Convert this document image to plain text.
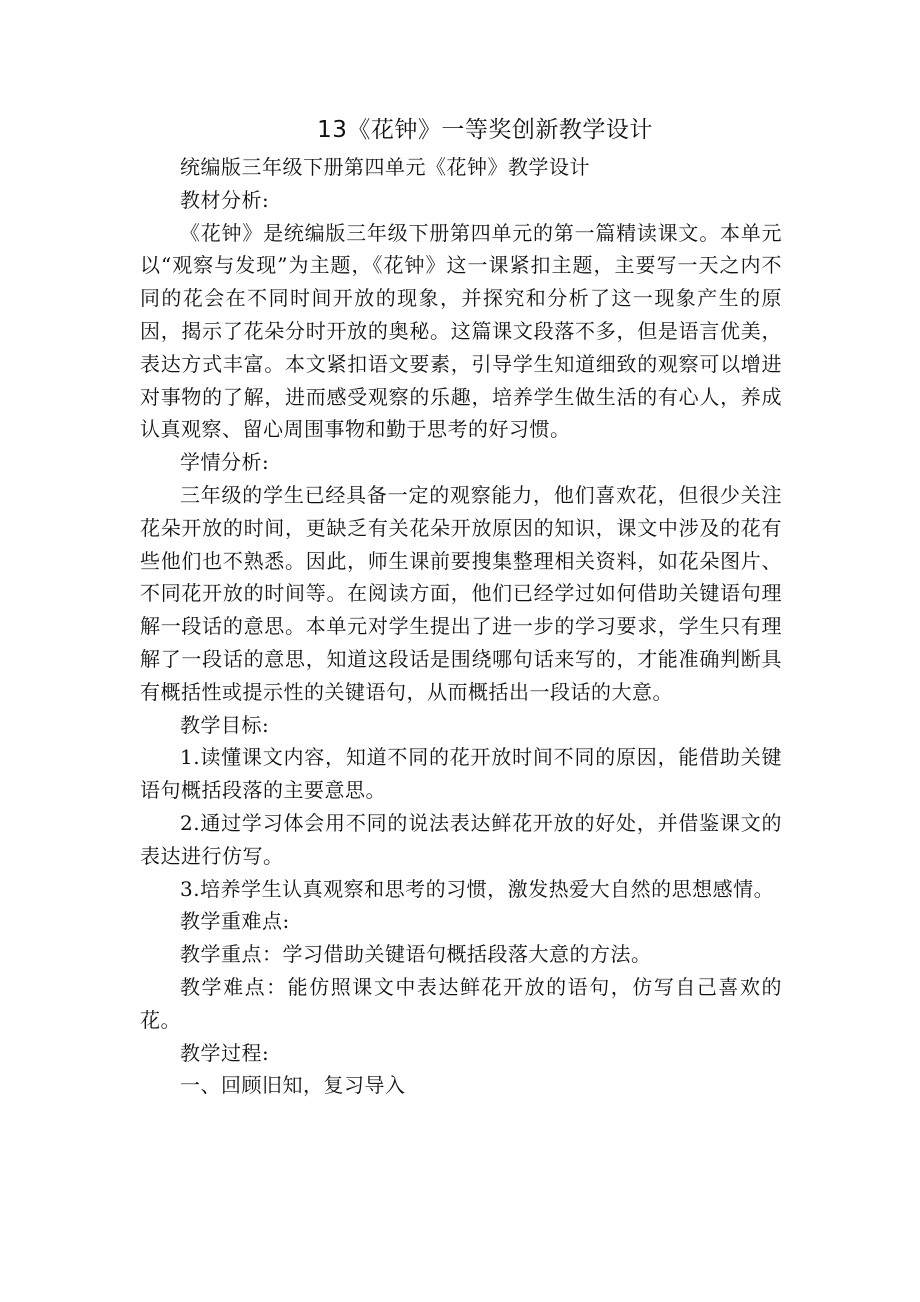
13《花钟》一等奖创新教学设计

统编版三年级下册第四单元《花钟》教学设计

教材分析:

《花钟》是统编版三年级下册第四单元的第一篇精读课文。本单元以“观察与发现”为主题，《花钟》这一课紧扣主题，主要写一天之内不同的花会在不同时间开放的现象，并探究和分析了这一现象产生的原因，揭示了花朵分时开放的奥秘。这篇课文段落不多，但是语言优美，表达方式丰富。本文紧扣语文要素，引导学生知道细致的观察可以增进对事物的了解，进而感受观察的乐趣，培养学生做生活的有心人，养成认真观察、留心周围事物和勤于思考的好习惯。

学情分析:

三年级的学生已经具备一定的观察能力，他们喜欢花，但很少关注花朵开放的时间，更缺乏有关花朵开放原因的知识，课文中涉及的花有些他们也不熟悉。因此，师生课前要搜集整理相关资料，如花朵图片、不同花开放的时间等。在阅读方面，他们已经学过如何借助关键语句理解一段话的意思。本单元对学生提出了进一步的学习要求，学生只有理解了一段话的意思，知道这段话是围绕哪句话来写的，才能准确判断具有概括性或提示性的关键语句，从而概括出一段话的大意。

教学目标:

1.读懂课文内容，知道不同的花开放时间不同的原因，能借助关键语句概括段落的主要意思。

2.通过学习体会用不同的说法表达鲜花开放的好处，并借鉴课文的表达进行仿写。

3.培养学生认真观察和思考的习惯，激发热爱大自然的思想感情。

教学重难点:

教学重点：学习借助关键语句概括段落大意的方法。

教学难点：能仿照课文中表达鲜花开放的语句，仿写自己喜欢的花。

教学过程:

一、回顾旧知，复习导入
